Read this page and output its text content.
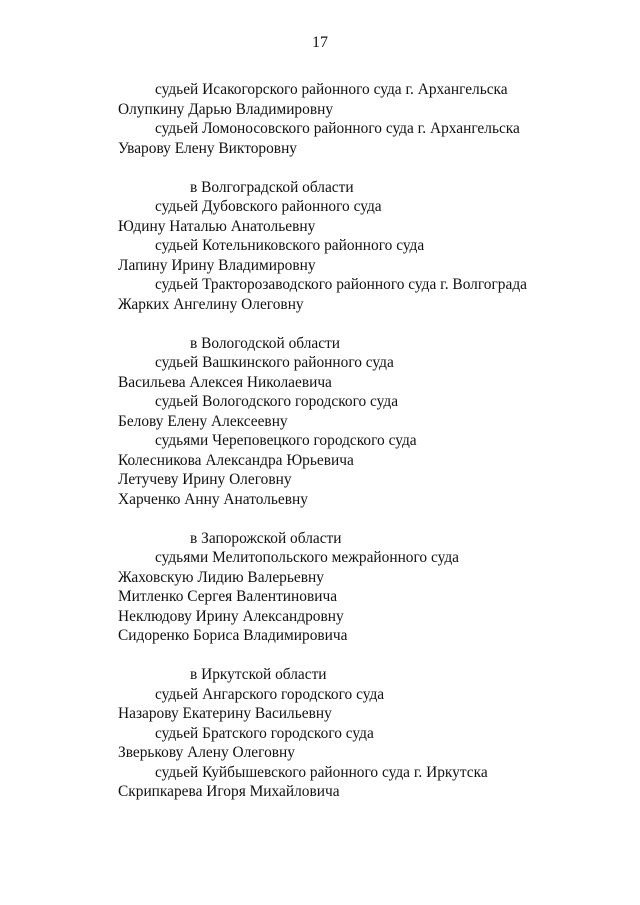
17
судьей Исакогорского районного суда г. Архангельска
Олупкину Дарью Владимировну
судьей Ломоносовского районного суда г. Архангельска
Уварову Елену Викторовну
в Волгоградской области
судьей Дубовского районного суда
Юдину Наталью Анатольевну
судьей Котельниковского районного суда
Лапину Ирину Владимировну
судьей Тракторозаводского районного суда г. Волгограда
Жарких Ангелину Олеговну
в Вологодской области
судьей Вашкинского районного суда
Васильева Алексея Николаевича
судьей Вологодского городского суда
Белову Елену Алексеевну
судьями Череповецкого городского суда
Колесникова Александра Юрьевича
Летучеву Ирину Олеговну
Харченко Анну Анатольевну
в Запорожской области
судьями Мелитопольского межрайонного суда
Жаховскую Лидию Валерьевну
Митленко Сергея Валентиновича
Неклюдову Ирину Александровну
Сидоренко Бориса Владимировича
в Иркутской области
судьей Ангарского городского суда
Назарову Екатерину Васильевну
судьей Братского городского суда
Зверькову Алену Олеговну
судьей Куйбышевского районного суда г. Иркутска
Скрипкарева Игоря Михайловича
